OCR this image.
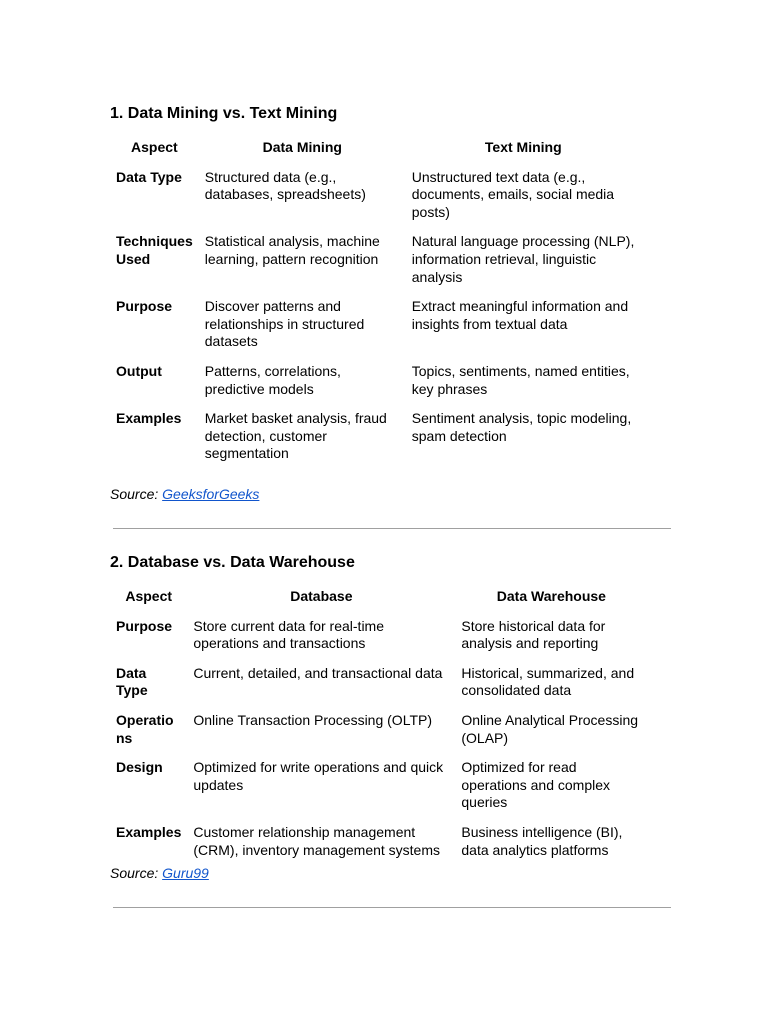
1. Data Mining vs. Text Mining
Aspect	Data Mining	Text Mining
Data Type	Structured data (e.g., databases, spreadsheets)	Unstructured text data (e.g., documents, emails, social media posts)
Techniques Used	Statistical analysis, machine learning, pattern recognition	Natural language processing (NLP), information retrieval, linguistic analysis
Purpose	Discover patterns and relationships in structured datasets	Extract meaningful information and insights from textual data
Output	Patterns, correlations, predictive models	Topics, sentiments, named entities, key phrases
Examples	Market basket analysis, fraud detection, customer segmentation	Sentiment analysis, topic modeling, spam detection
Source: GeeksforGeeks
2. Database vs. Data Warehouse
Aspect	Database	Data Warehouse
Purpose	Store current data for real-time operations and transactions	Store historical data for analysis and reporting
Data Type	Current, detailed, and transactional data	Historical, summarized, and consolidated data
Operations	Online Transaction Processing (OLTP)	Online Analytical Processing (OLAP)
Design	Optimized for write operations and quick updates	Optimized for read operations and complex queries
Examples	Customer relationship management (CRM), inventory management systems	Business intelligence (BI), data analytics platforms
Source: Guru99
